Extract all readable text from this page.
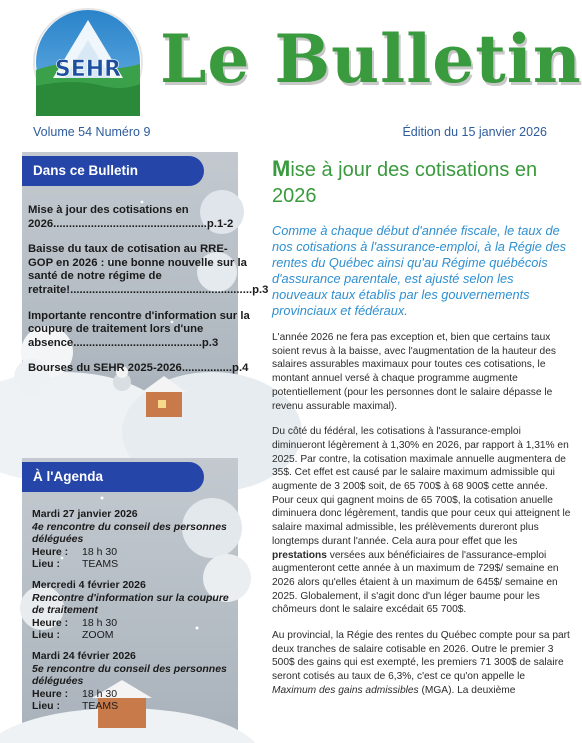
SEHR Le Bulletin
Volume 54 Numéro 9	Édition du 15 janvier 2026
Dans ce Bulletin
Mise à jour des cotisations en 2026.................................................p.1-2
Baisse du taux de cotisation au RRE-GOP en 2026 : une bonne nouvelle sur la santé de notre régime de retraite!..........................................................p.3
Importante rencontre d'information sur la coupure de traitement lors d'une absence.........................................p.3
Bourses du SEHR 2025-2026................p.4
À l'Agenda
Mardi 27 janvier 2026
4e rencontre du conseil des personnes déléguées
Heure :	18 h 30
Lieu :	TEAMS
Mercredi 4 février 2026
Rencontre d'information sur la coupure de traitement
Heure :	18 h 30
Lieu :	ZOOM
Mardi 24 février 2026
5e rencontre du conseil des personnes déléguées
Heure :	18 h 30
Lieu :	TEAMS
Mise à jour des cotisations en 2026

Comme à chaque début d'année fiscale, le taux de nos cotisations à l'assurance-emploi, à la Régie des rentes du Québec ainsi qu'au Régime québécois d'assurance parentale, est ajusté selon les nouveaux taux établis par les gouvernements provinciaux et fédéraux.

L'année 2026 ne fera pas exception et, bien que certains taux soient revus à la baisse, avec l'augmentation de la hauteur des salaires assurables maximaux pour toutes ces cotisations, le montant annuel versé à chaque programme augmente potentiellement (pour les personnes dont le salaire dépasse le revenu assurable maximal).

Du côté du fédéral, les cotisations à l'assurance-emploi diminueront légèrement à 1,30% en 2026, par rapport à 1,31% en 2025. Par contre, la cotisation maximale annuelle augmentera de 35$. Cet effet est causé par le salaire maximum admissible qui augmente de 3 200$ soit, de 65 700$ à 68 900$ cette année. Pour ceux qui gagnent moins de 65 700$, la cotisation anuelle diminuera donc légèrement, tandis que pour ceux qui atteignent le salaire maximal admissible, les prélèvements dureront plus longtemps durant l'année. Cela aura pour effet que les prestations versées aux bénéficiaires de l'assurance-emploi augmenteront cette année à un maximum de 729$/ semaine en 2026 alors qu'elles étaient à un maximum de 645$/ semaine en 2025. Globalement, il s'agit donc d'un léger baume pour les chômeurs dont le salaire excédait 65 700$.

Au provincial, la Régie des rentes du Québec compte pour sa part deux tranches de salaire cotisable en 2026. Outre le premier 3 500$ des gains qui est exempté, les premiers 71 300$ de salaire seront cotisés au taux de 6,3%, c'est ce qu'on appelle le Maximum des gains admissibles (MGA). La deuxième
